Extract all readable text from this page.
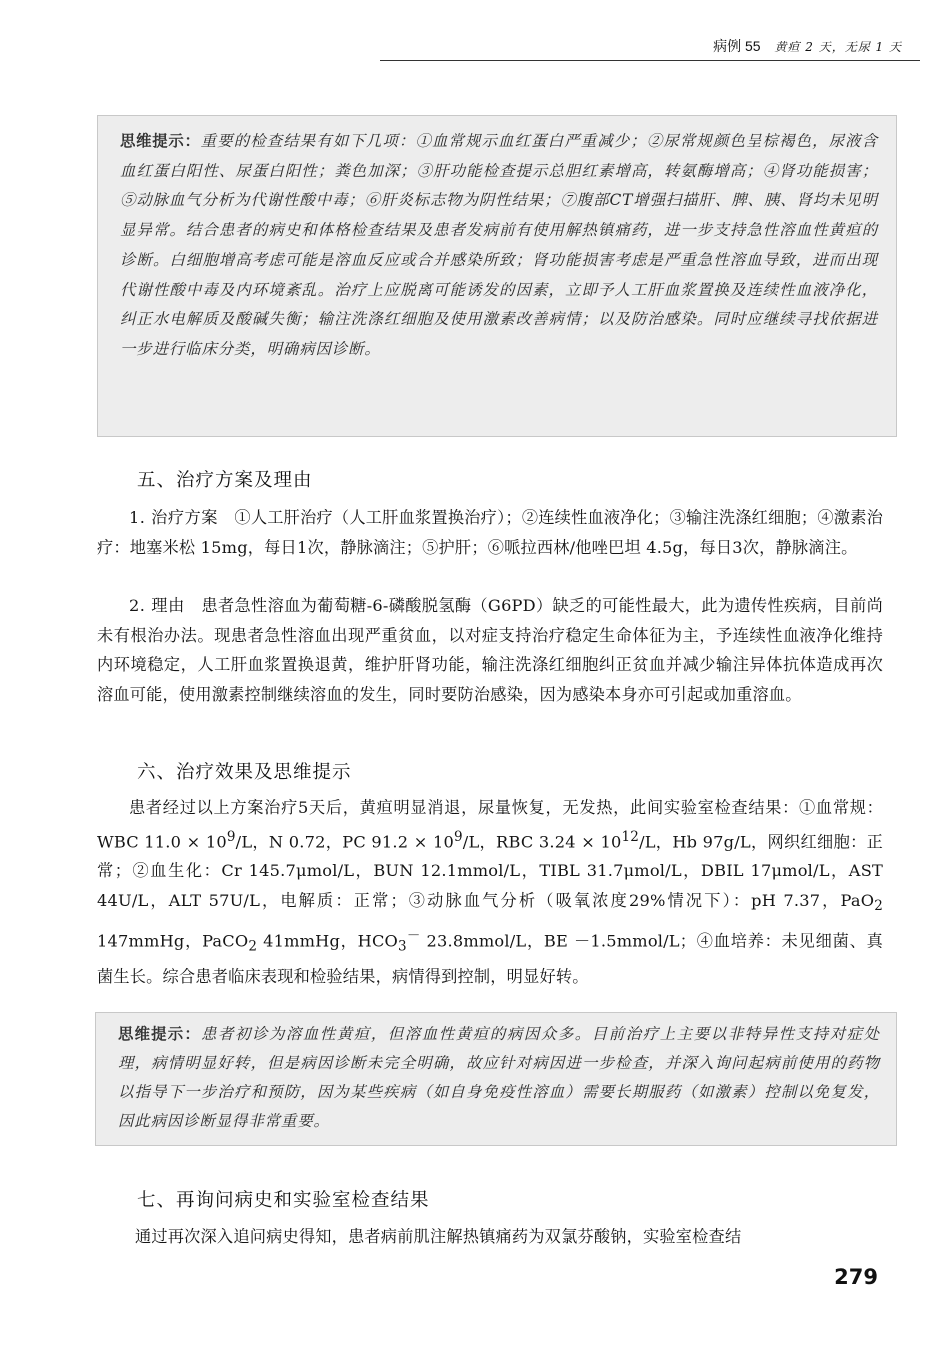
病例 55 黄疸 2 天，无尿 1 天
思维提示：重要的检查结果有如下几项：①血常规示血红蛋白严重减少；②尿常规颜色呈棕褐色，尿液含血红蛋白阳性、尿蛋白阳性；粪色加深；③肝功能检查提示总胆红素增高，转氨酶增高；④肾功能损害；⑤动脉血气分析为代谢性酸中毒；⑥肝炎标志物为阴性结果；⑦腹部CT增强扫描肝、脾、胰、肾均未见明显异常。结合患者的病史和体格检查结果及患者发病前有使用解热镇痛药，进一步支持急性溶血性黄疸的诊断。白细胞增高考虑可能是溶血反应或合并感染所致；肾功能损害考虑是严重急性溶血导致，进而出现代谢性酸中毒及内环境紊乱。治疗上应脱离可能诱发的因素，立即予人工肝血浆置换及连续性血液净化，纠正水电解质及酸碱失衡；输注洗涤红细胞及使用激素改善病情；以及防治感染。同时应继续寻找依据进一步进行临床分类，明确病因诊断。
五、治疗方案及理由
1. 治疗方案  ①人工肝治疗（人工肝血浆置换治疗）；②连续性血液净化；③输注洗涤红细胞；④激素治疗：地塞米松 15mg，每日1次，静脉滴注；⑤护肝；⑥哌拉西林/他唑巴坦 4.5g，每日3次，静脉滴注。
2. 理由  患者急性溶血为葡萄糖-6-磷酸脱氢酶（G6PD）缺乏的可能性最大，此为遗传性疾病，目前尚未有根治办法。现患者急性溶血出现严重贫血，以对症支持治疗稳定生命体征为主，予连续性血液净化维持内环境稳定，人工肝血浆置换退黄，维护肝肾功能，输注洗涤红细胞纠正贫血并减少输注异体抗体造成再次溶血可能，使用激素控制继续溶血的发生，同时要防治感染，因为感染本身亦可引起或加重溶血。
六、治疗效果及思维提示
患者经过以上方案治疗5天后，黄疸明显消退，尿量恢复，无发热，此间实验室检查结果：①血常规：WBC $11.0 \times 10^9/L$，N 0.72，PC $91.2 \times 10^9/L$，RBC $3.24 \times 10^{12}/L$，Hb 97g/L，网织红细胞：正常；②血生化：Cr 145.7μmol/L，BUN 12.1mmol/L，TIBL 31.7μmol/L，DBIL 17μmol/L，AST 44U/L，ALT 57U/L，电解质：正常；③动脉血气分析（吸氧浓度29%情况下）：pH 7.37，PaO$_2$ 147mmHg，PaCO$_2$ 41mmHg，$HCO_3^-$ 23.8mmol/L，BE －1.5mmol/L；④血培养：未见细菌、真菌生长。综合患者临床表现和检验结果，病情得到控制，明显好转。
思维提示：患者初诊为溶血性黄疸，但溶血性黄疸的病因众多。目前治疗上主要以非特异性支持对症处理，病情明显好转，但是病因诊断未完全明确，故应针对病因进一步检查，并深入询问起病前使用的药物以指导下一步治疗和预防，因为某些疾病（如自身免疫性溶血）需要长期服药（如激素）控制以免复发，因此病因诊断显得非常重要。
七、再询问病史和实验室检查结果
通过再次深入追问病史得知，患者病前肌注解热镇痛药为双氯芬酸钠，实验室检查结
279
